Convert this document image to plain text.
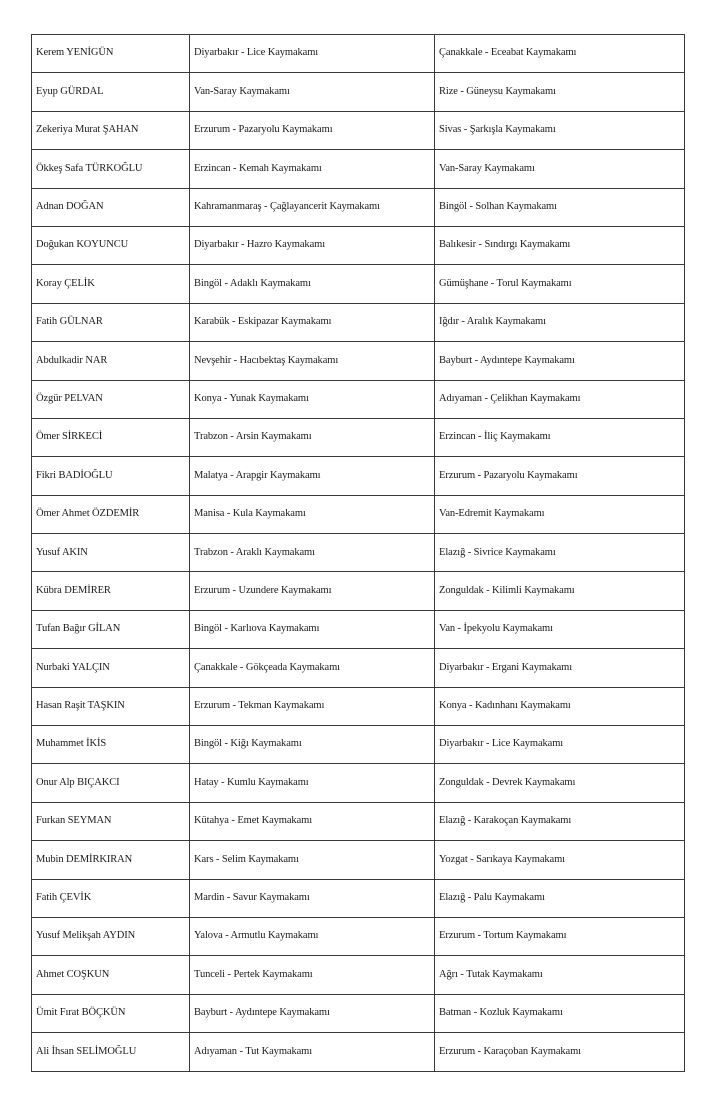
Kerem YENİGÜN	Diyarbakır - Lice Kaymakamı	Çanakkale - Eceabat Kaymakamı
Eyup GÜRDAL	Van-Saray Kaymakamı	Rize - Güneysu Kaymakamı
Zekeriya Murat ŞAHAN	Erzurum - Pazaryolu Kaymakamı	Sivas - Şarkışla Kaymakamı
Ökkeş Safa TÜRKOĞLU	Erzincan - Kemah Kaymakamı	Van-Saray Kaymakamı
Adnan DOĞAN	Kahramanmaraş - Çağlayancerit Kaymakamı	Bingöl - Solhan Kaymakamı
Doğukan KOYUNCU	Diyarbakır - Hazro Kaymakamı	Balıkesir - Sındırgı Kaymakamı
Koray ÇELİK	Bingöl - Adaklı Kaymakamı	Gümüşhane - Torul Kaymakamı
Fatih GÜLNAR	Karabük - Eskipazar Kaymakamı	Iğdır - Aralık Kaymakamı
Abdulkadir NAR	Nevşehir - Hacıbektaş Kaymakamı	Bayburt - Aydıntepe Kaymakamı
Özgür PELVAN	Konya - Yunak Kaymakamı	Adıyaman - Çelikhan Kaymakamı
Ömer SİRKECİ	Trabzon - Arsin Kaymakamı	Erzincan - İliç Kaymakamı
Fikri BADİOĞLU	Malatya - Arapgir Kaymakamı	Erzurum - Pazaryolu Kaymakamı
Ömer Ahmet ÖZDEMİR	Manisa - Kula Kaymakamı	Van-Edremit Kaymakamı
Yusuf AKIN	Trabzon - Araklı Kaymakamı	Elazığ - Sivrice Kaymakamı
Kübra DEMİRER	Erzurum - Uzundere Kaymakamı	Zonguldak - Kilimli Kaymakamı
Tufan Bağır GİLAN	Bingöl - Karlıova Kaymakamı	Van - İpekyolu Kaymakamı
Nurbaki YALÇIN	Çanakkale - Gökçeada Kaymakamı	Diyarbakır - Ergani Kaymakamı
Hasan Raşit TAŞKIN	Erzurum - Tekman Kaymakamı	Konya - Kadınhanı Kaymakamı
Muhammet İKİS	Bingöl - Kiğı Kaymakamı	Diyarbakır - Lice Kaymakamı
Onur Alp BIÇAKCI	Hatay - Kumlu Kaymakamı	Zonguldak - Devrek Kaymakamı
Furkan SEYMAN	Kütahya - Emet Kaymakamı	Elazığ - Karakoçan Kaymakamı
Mubin DEMİRKIRAN	Kars - Selim Kaymakamı	Yozgat - Sarıkaya Kaymakamı
Fatih ÇEVİK	Mardin - Savur Kaymakamı	Elazığ - Palu Kaymakamı
Yusuf Melikşah AYDIN	Yalova - Armutlu Kaymakamı	Erzurum - Tortum Kaymakamı
Ahmet COŞKUN	Tunceli - Pertek Kaymakamı	Ağrı - Tutak Kaymakamı
Ümit Fırat BÖÇKÜN	Bayburt - Aydıntepe Kaymakamı	Batman - Kozluk Kaymakamı
Ali İhsan SELİMOĞLU	Adıyaman - Tut Kaymakamı	Erzurum - Karaçoban Kaymakamı
